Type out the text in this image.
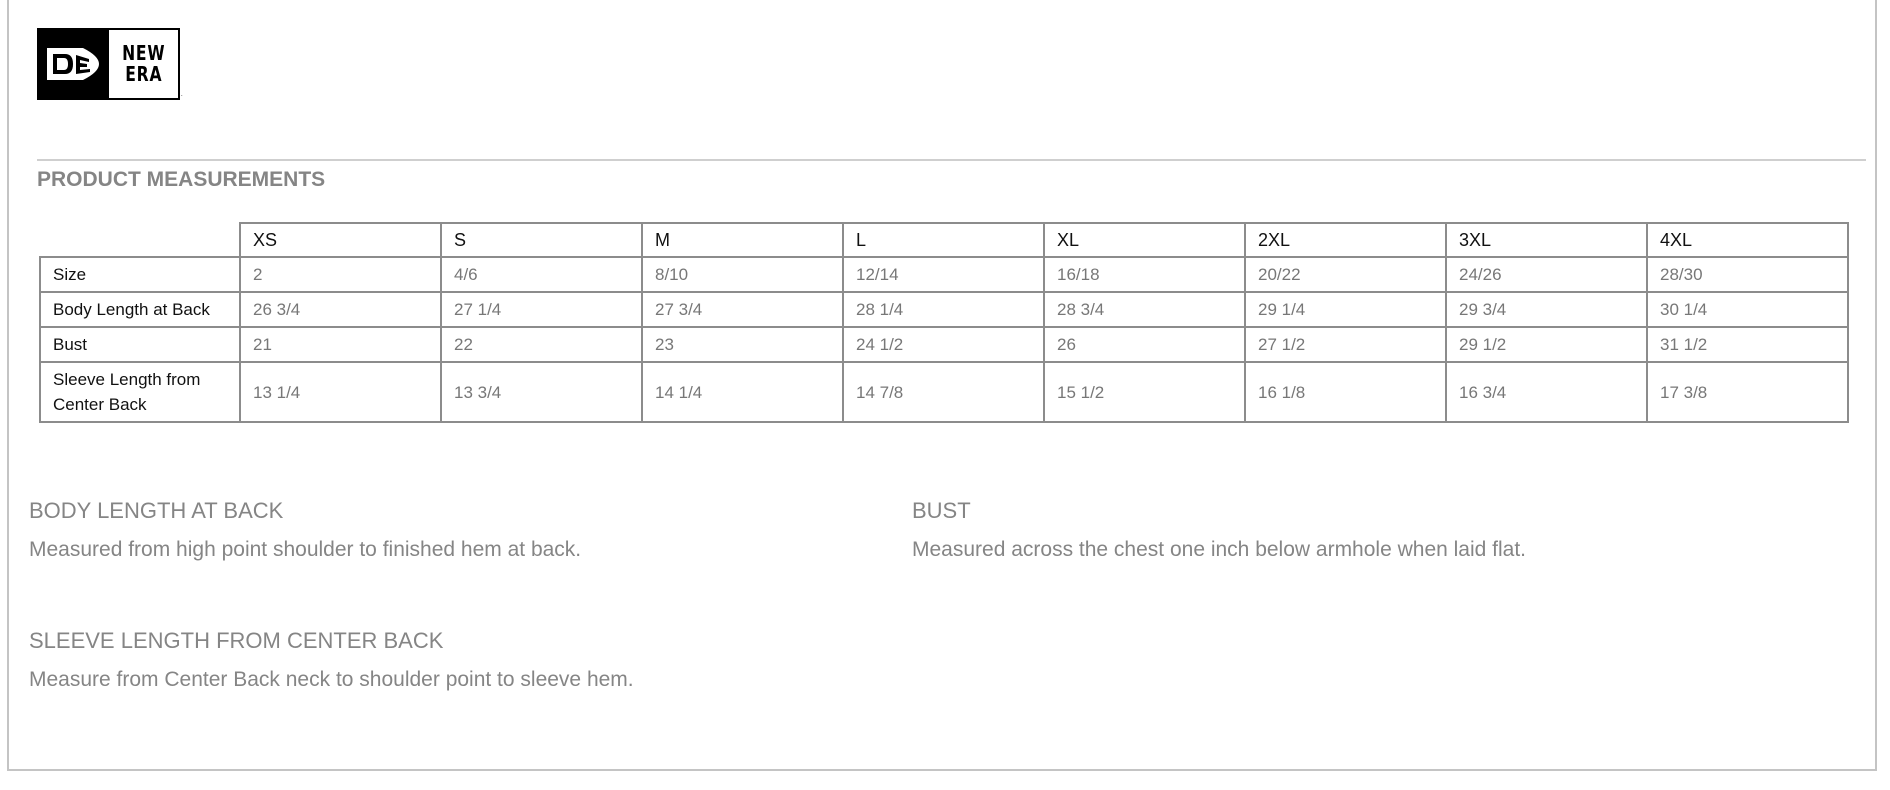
NEW
ERA
.
PRODUCT MEASUREMENTS
	XS	S	M	L	XL	2XL	3XL	4XL
Size	2	4/6	8/10	12/14	16/18	20/22	24/26	28/30
Body Length at Back	26 3/4	27 1/4	27 3/4	28 1/4	28 3/4	29 1/4	29 3/4	30 1/4
Bust	21	22	23	24 1/2	26	27 1/2	29 1/2	31 1/2
Sleeve Length from Center Back	13 1/4	13 3/4	14 1/4	14 7/8	15 1/2	16 1/8	16 3/4	17 3/8
BODY LENGTH AT BACK
Measured from high point shoulder to finished hem at back.
BUST
Measured across the chest one inch below armhole when laid flat.
SLEEVE LENGTH FROM CENTER BACK
Measure from Center Back neck to shoulder point to sleeve hem.
